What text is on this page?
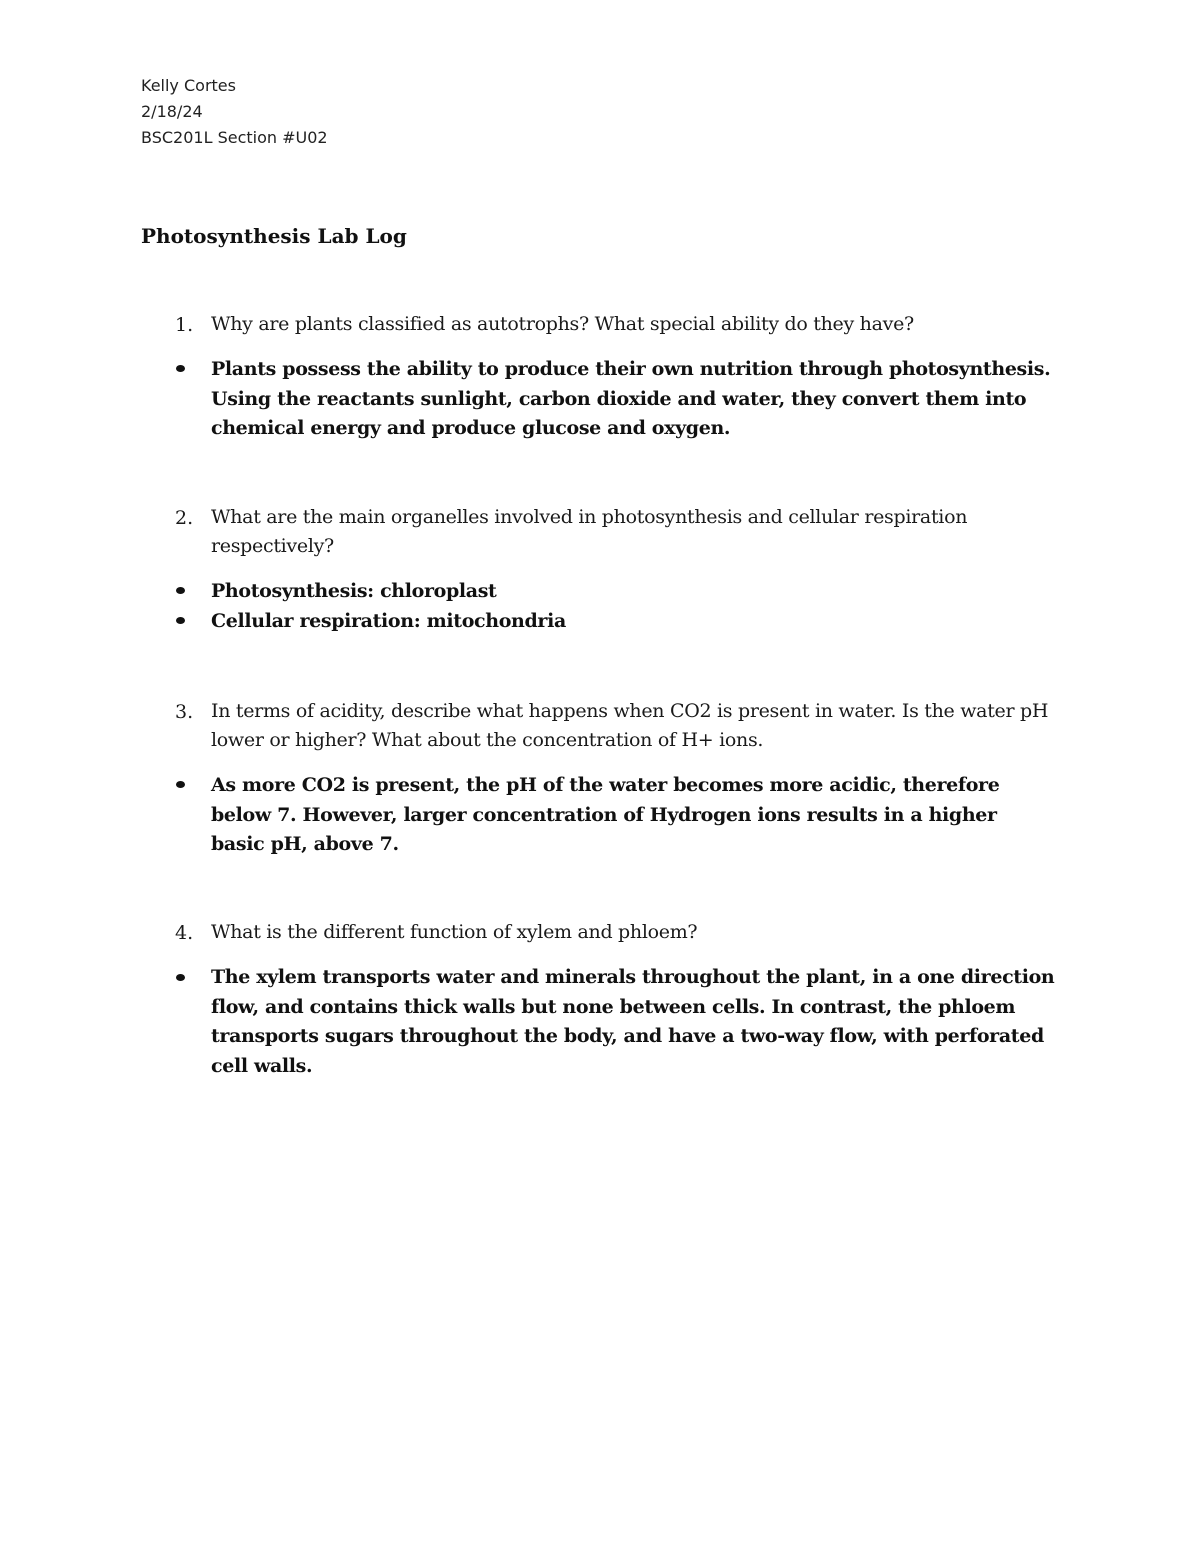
Kelly Cortes
2/18/24
BSC201L Section #U02
Photosynthesis Lab Log
1. Why are plants classified as autotrophs? What special ability do they have?
Plants possess the ability to produce their own nutrition through photosynthesis. Using the reactants sunlight, carbon dioxide and water, they convert them into chemical energy and produce glucose and oxygen.
2. What are the main organelles involved in photosynthesis and cellular respiration respectively?
Photosynthesis: chloroplast
Cellular respiration: mitochondria
3. In terms of acidity, describe what happens when CO2 is present in water. Is the water pH lower or higher? What about the concentration of H+ ions.
As more CO2 is present, the pH of the water becomes more acidic, therefore below 7. However, larger concentration of Hydrogen ions results in a higher basic pH, above 7.
4. What is the different function of xylem and phloem?
The xylem transports water and minerals throughout the plant, in a one direction flow, and contains thick walls but none between cells. In contrast, the phloem transports sugars throughout the body, and have a two-way flow, with perforated cell walls.
